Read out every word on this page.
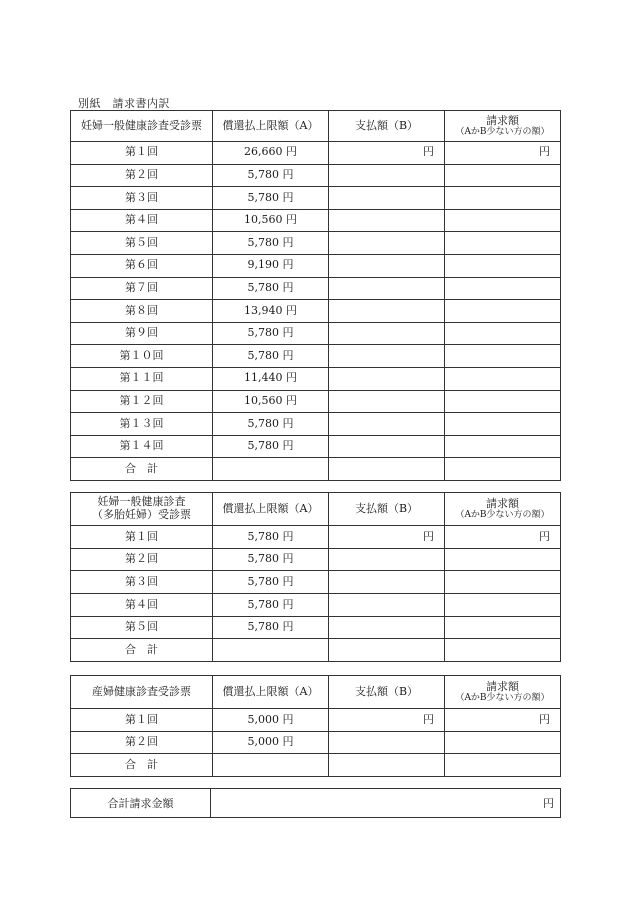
別紙　請求書内訳
妊婦一般健康診査受診票	償還払上限額（A）	支払額（B）	請求額
（AかB少ない方の額）

第１回	26,660 円	円	円
第２回	5,780 円		
第３回	5,780 円		
第４回	10,560 円		
第５回	5,780 円		
第６回	9,190 円		
第７回	5,780 円		
第８回	13,940 円		
第９回	5,780 円		
第１０回	5,780 円		
第１１回	11,440 円		
第１２回	10,560 円		
第１３回	5,780 円		
第１４回	5,780 円		
合　計			
妊婦一般健康診査
（多胎妊婦）受診票	償還払上限額（A）	支払額（B）	請求額
（AかB少ない方の額）

第１回	5,780 円	円	円
第２回	5,780 円		
第３回	5,780 円		
第４回	5,780 円		
第５回	5,780 円		
合　計			
産婦健康診査受診票	償還払上限額（A）	支払額（B）	請求額
（AかB少ない方の額）

第１回	5,000 円	円	円
第２回	5,000 円		
合　計			
合計請求金額	円
